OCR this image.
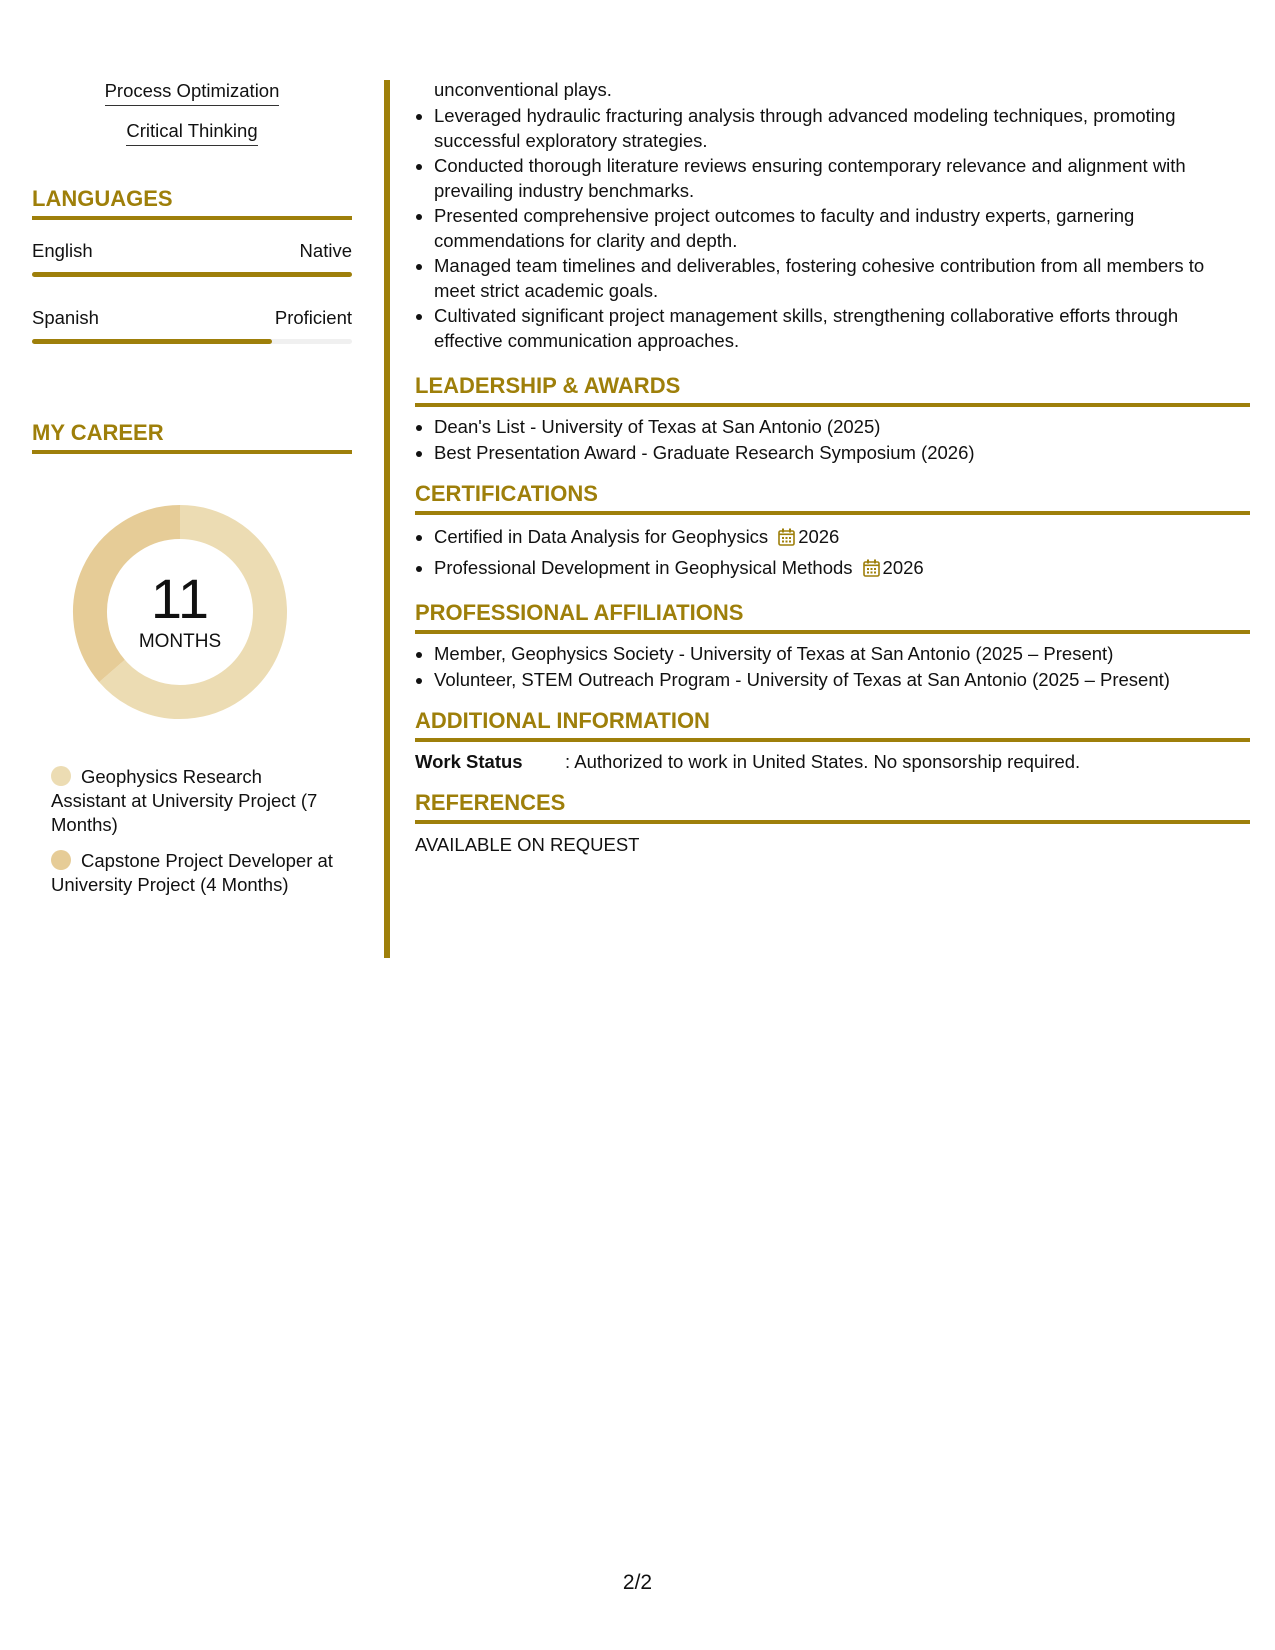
Process Optimization
Critical Thinking
LANGUAGES
English	Native
Spanish	Proficient
MY CAREER
11
MONTHS
Geophysics Research Assistant at University Project (7 Months)
Capstone Project Developer at University Project (4 Months)
unconventional plays.
• Leveraged hydraulic fracturing analysis through advanced modeling techniques, promoting successful exploratory strategies.
• Conducted thorough literature reviews ensuring contemporary relevance and alignment with prevailing industry benchmarks.
• Presented comprehensive project outcomes to faculty and industry experts, garnering commendations for clarity and depth.
• Managed team timelines and deliverables, fostering cohesive contribution from all members to meet strict academic goals.
• Cultivated significant project management skills, strengthening collaborative efforts through effective communication approaches.
LEADERSHIP & AWARDS
• Dean's List - University of Texas at San Antonio (2025)
• Best Presentation Award - Graduate Research Symposium (2026)
CERTIFICATIONS
• Certified in Data Analysis for Geophysics 2026
• Professional Development in Geophysical Methods 2026
PROFESSIONAL AFFILIATIONS
• Member, Geophysics Society - University of Texas at San Antonio (2025 – Present)
• Volunteer, STEM Outreach Program - University of Texas at San Antonio (2025 – Present)
ADDITIONAL INFORMATION
Work Status	: Authorized to work in United States. No sponsorship required.
REFERENCES
AVAILABLE ON REQUEST
2/2
